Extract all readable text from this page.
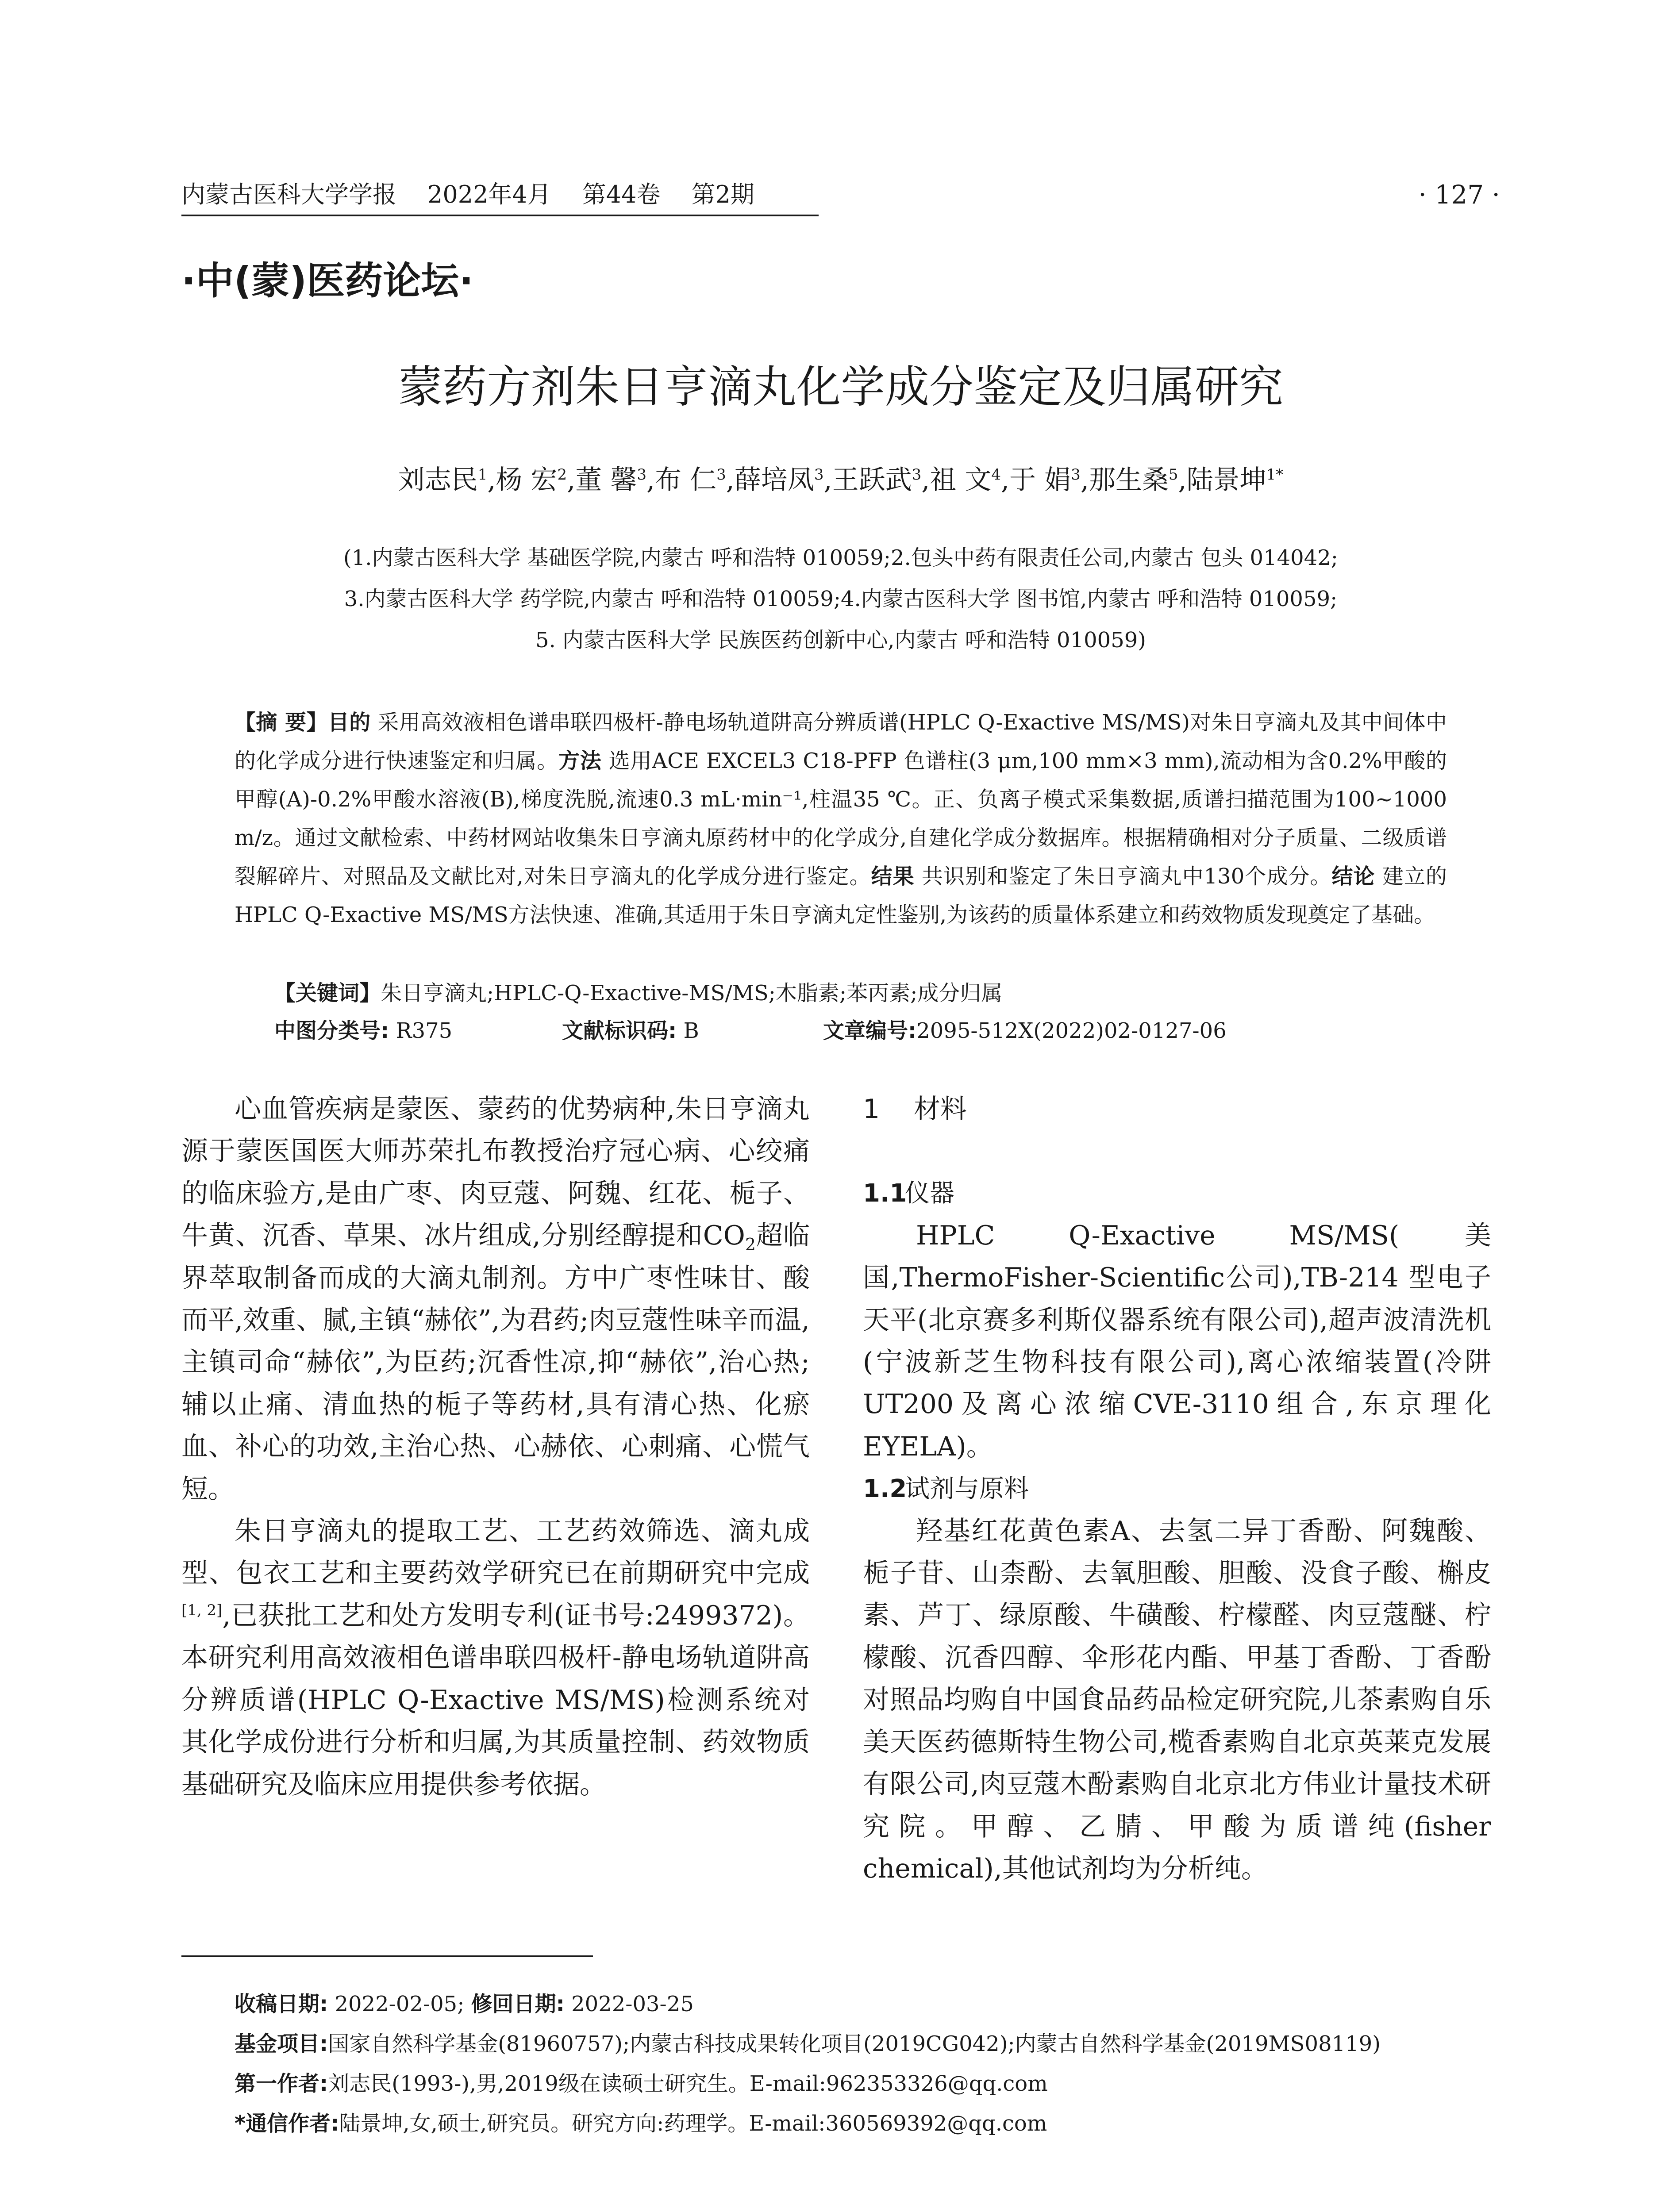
内蒙古医科大学学报 2022年4月 第44卷 第2期	· 127 ·
·中(蒙)医药论坛·
蒙药方剂朱日亨滴丸化学成分鉴定及归属研究
刘志民$^1$,杨 宏$^2$,董 馨$^3$,布 仁$^3$,薛培凤$^3$,王跃武$^3$,祖 文$^4$,于 娟$^3$,那生桑$^5$,陆景坤$^{1*}$
(1.内蒙古医科大学 基础医学院,内蒙古 呼和浩特 010059;2.包头中药有限责任公司,内蒙古 包头 014042;
3.内蒙古医科大学 药学院,内蒙古 呼和浩特 010059;4.内蒙古医科大学 图书馆,内蒙古 呼和浩特 010059;
5. 内蒙古医科大学 民族医药创新中心,内蒙古 呼和浩特 010059)
【摘 要】目的 采用高效液相色谱串联四极杆-静电场轨道阱高分辨质谱(HPLC Q-Exactive MS/MS)对朱日亨滴丸及其中间体中的化学成分进行快速鉴定和归属。方法 选用ACE EXCEL3 C18-PFP 色谱柱(3 μm,100 mm×3 mm),流动相为含0.2%甲酸的甲醇(A)-0.2%甲酸水溶液(B),梯度洗脱,流速0.3 mL·min⁻¹,柱温35 ℃。正、负离子模式采集数据,质谱扫描范围为100~1000 m/z。通过文献检索、中药材网站收集朱日亨滴丸原药材中的化学成分,自建化学成分数据库。根据精确相对分子质量、二级质谱裂解碎片、对照品及文献比对,对朱日亨滴丸的化学成分进行鉴定。结果 共识别和鉴定了朱日亨滴丸中130个成分。结论 建立的HPLC Q-Exactive MS/MS方法快速、准确,其适用于朱日亨滴丸定性鉴别,为该药的质量体系建立和药效物质发现奠定了基础。
【关键词】朱日亨滴丸;HPLC-Q-Exactive-MS/MS;木脂素;苯丙素;成分归属
中图分类号: R375	文献标识码: B	文章编号:2095-512X(2022)02-0127-06

心血管疾病是蒙医、蒙药的优势病种,朱日亨滴丸源于蒙医国医大师苏荣扎布教授治疗冠心病、心绞痛的临床验方,是由广枣、肉豆蔻、阿魏、红花、栀子、牛黄、沉香、草果、冰片组成,分别经醇提和$CO_2$超临界萃取制备而成的大滴丸制剂。方中广枣性味甘、酸而平,效重、腻,主镇“赫依”,为君药;肉豆蔻性味辛而温,主镇司命“赫依”,为臣药;沉香性凉,抑“赫依”,治心热;辅以止痛、清血热的栀子等药材,具有清心热、化瘀血、补心的功效,主治心热、心赫依、心刺痛、心慌气短。

朱日亨滴丸的提取工艺、工艺药效筛选、滴丸成型、包衣工艺和主要药效学研究已在前期研究中完成[1, 2],已获批工艺和处方发明专利(证书号:2499372)。本研究利用高效液相色谱串联四极杆-静电场轨道阱高分辨质谱(HPLC Q-Exactive MS/MS)检测系统对其化学成份进行分析和归属,为其质量控制、药效物质基础研究及临床应用提供参考依据。

1 材料
1.1仪器

HPLC Q-Exactive MS/MS(美国,ThermoFisher-Scientific公司),TB-214 型电子天平(北京赛多利斯仪器系统有限公司),超声波清洗机(宁波新芝生物科技有限公司),离心浓缩装置(冷阱UT200及离心浓缩CVE-3110组合,东京理化EYELA)。

1.2试剂与原料

羟基红花黄色素A、去氢二异丁香酚、阿魏酸、栀子苷、山柰酚、去氧胆酸、胆酸、没食子酸、槲皮素、芦丁、绿原酸、牛磺酸、柠檬醛、肉豆蔻醚、柠檬酸、沉香四醇、伞形花内酯、甲基丁香酚、丁香酚对照品均购自中国食品药品检定研究院,儿茶素购自乐美天医药德斯特生物公司,榄香素购自北京英莱克发展有限公司,肉豆蔻木酚素购自北京北方伟业计量技术研究院。甲醇、乙腈、甲酸为质谱纯(fisher chemical),其他试剂均为分析纯。

收稿日期: 2022-02-05; 修回日期: 2022-03-25
基金项目:国家自然科学基金(81960757);内蒙古科技成果转化项目(2019CG042);内蒙古自然科学基金(2019MS08119)
第一作者:刘志民(1993-),男,2019级在读硕士研究生。E-mail:962353326@qq.com
*通信作者:陆景坤,女,硕士,研究员。研究方向:药理学。E-mail:360569392@qq.com
